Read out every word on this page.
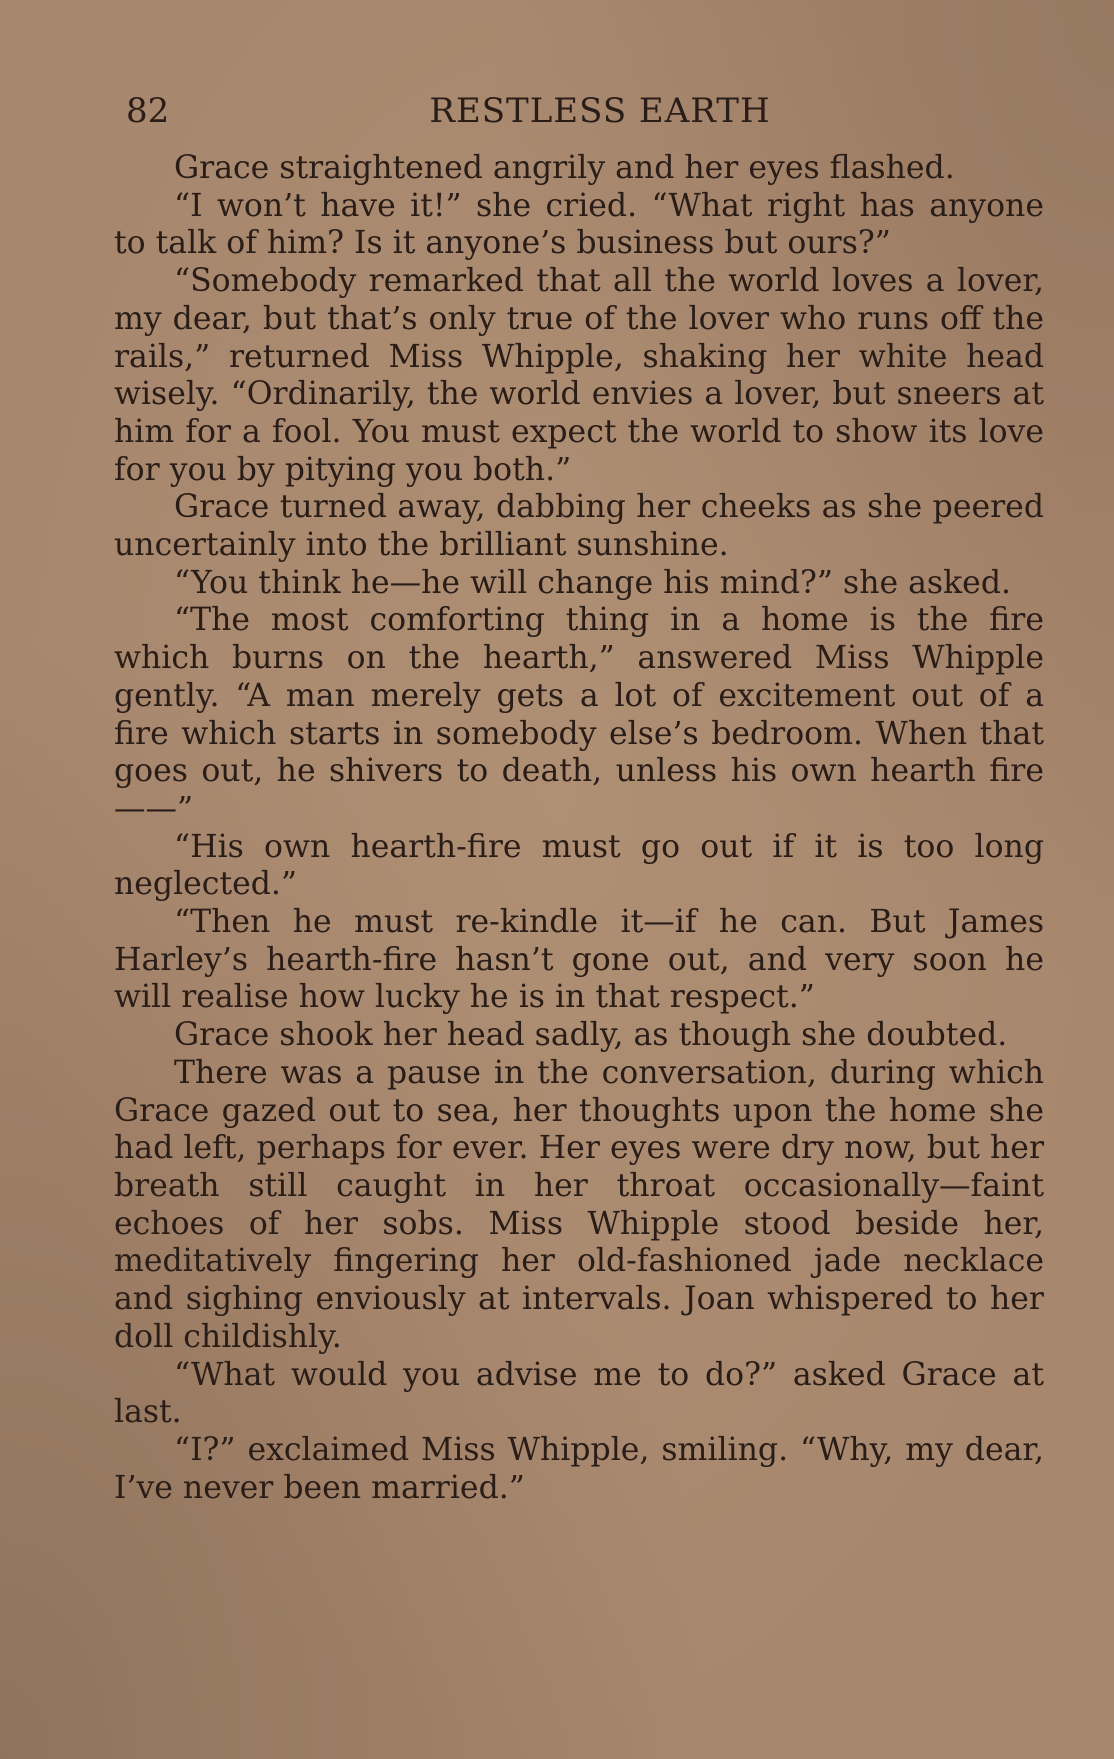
82	RESTLESS EARTH

Grace straightened angrily and her eyes flashed.

“I won’t have it!” she cried. “What right has anyone to talk of him? Is it anyone’s business but ours?”

“Somebody remarked that all the world loves a lover, my dear, but that’s only true of the lover who runs off the rails,” returned Miss Whipple, shaking her white head wisely. “Ordinarily, the world envies a lover, but sneers at him for a fool. You must expect the world to show its love for you by pitying you both.”

Grace turned away, dabbing her cheeks as she peered uncertainly into the brilliant sunshine.

“You think he—he will change his mind?” she asked.

“The most comforting thing in a home is the fire which burns on the hearth,” answered Miss Whipple gently. “A man merely gets a lot of excitement out of a fire which starts in somebody else’s bedroom. When that goes out, he shivers to death, unless his own hearth fire——”

“His own hearth-fire must go out if it is too long neglected.”

“Then he must re-kindle it—if he can. But James Harley’s hearth-fire hasn’t gone out, and very soon he will realise how lucky he is in that respect.”

Grace shook her head sadly, as though she doubted.

There was a pause in the conversation, during which Grace gazed out to sea, her thoughts upon the home she had left, perhaps for ever. Her eyes were dry now, but her breath still caught in her throat occasionally—faint echoes of her sobs. Miss Whipple stood beside her, meditatively fingering her old-fashioned jade necklace and sighing enviously at intervals. Joan whispered to her doll childishly.

“What would you advise me to do?” asked Grace at last.

“I?” exclaimed Miss Whipple, smiling. “Why, my dear, I’ve never been married.”
